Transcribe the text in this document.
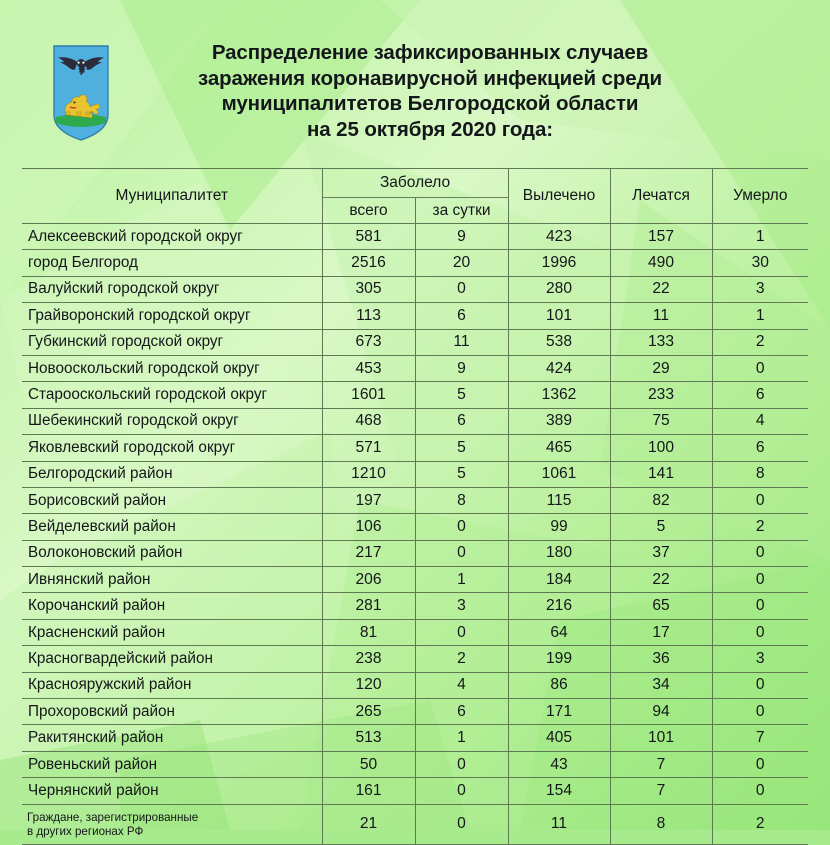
Распределение зафиксированных случаев
заражения коронавирусной инфекцией среди
муниципалитетов Белгородской области
на 25 октября 2020 года:
Муниципалитет	Заболело		Вылечено	Лечатся	Умерло
	всего	за сутки			
Алексеевский городской округ	581	9	423	157	1
город Белгород	2516	20	1996	490	30
Валуйский городской округ	305	0	280	22	3
Грайворонский городской округ	113	6	101	11	1
Губкинский городской округ	673	11	538	133	2
Новооскольский городской округ	453	9	424	29	0
Старооскольский городской округ	1601	5	1362	233	6
Шебекинский городской округ	468	6	389	75	4
Яковлевский городской округ	571	5	465	100	6
Белгородский район	1210	5	1061	141	8
Борисовский район	197	8	115	82	0
Вейделевский район	106	0	99	5	2
Волоконовский район	217	0	180	37	0
Ивнянский район	206	1	184	22	0
Корочанский район	281	3	216	65	0
Красненский район	81	0	64	17	0
Красногвардейский район	238	2	199	36	3
Краснояружский район	120	4	86	34	0
Прохоровский район	265	6	171	94	0
Ракитянский район	513	1	405	101	7
Ровеньский район	50	0	43	7	0
Чернянский район	161	0	154	7	0

Граждане, зарегистрированные
в других регионах РФ	21	0	11	8	2
